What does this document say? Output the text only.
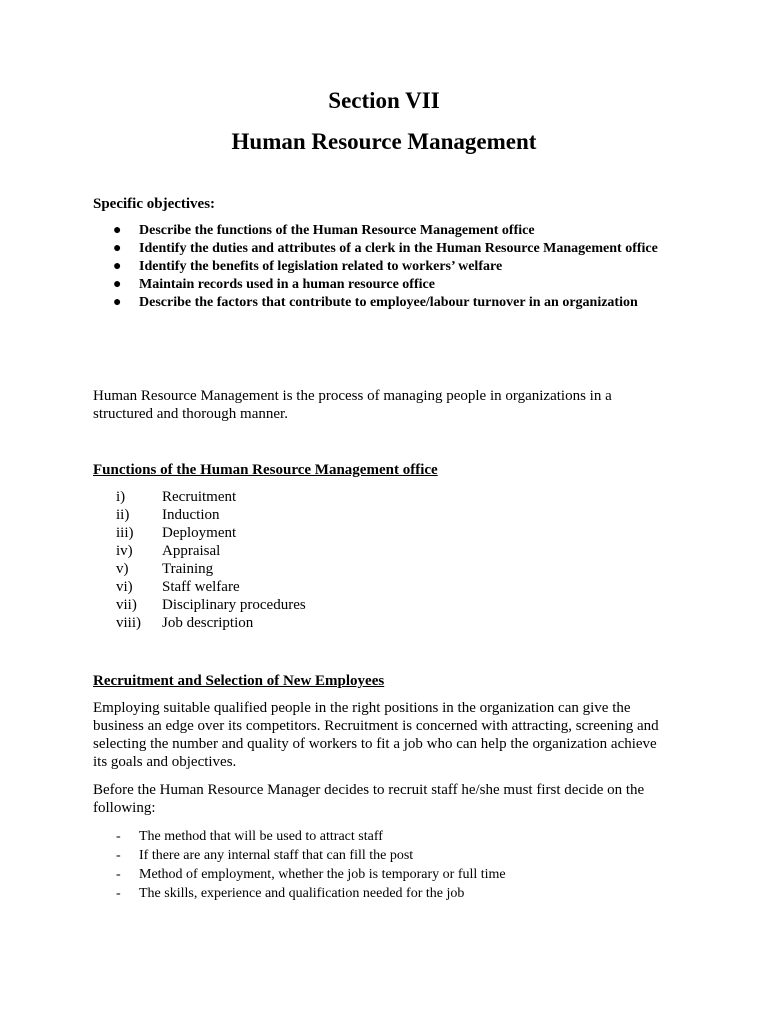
Section VII
Human Resource Management

Specific objectives:

● Describe the functions of the Human Resource Management office
● Identify the duties and attributes of a clerk in the Human Resource Management office
● Identify the benefits of legislation related to workers’ welfare
● Maintain records used in a human resource office
● Describe the factors that contribute to employee/labour turnover in an organization

Human Resource Management is the process of managing people in organizations in a structured and thorough manner.

Functions of the Human Resource Management office

i) Recruitment
ii) Induction
iii) Deployment
iv) Appraisal
v) Training
vi) Staff welfare
vii) Disciplinary procedures
viii) Job description

Recruitment and Selection of New Employees

Employing suitable qualified people in the right positions in the organization can give the business an edge over its competitors. Recruitment is concerned with attracting, screening and selecting the number and quality of workers to fit a job who can help the organization achieve its goals and objectives.

Before the Human Resource Manager decides to recruit staff he/she must first decide on the following:

- The method that will be used to attract staff
- If there are any internal staff that can fill the post
- Method of employment, whether the job is temporary or full time
- The skills, experience and qualification needed for the job
